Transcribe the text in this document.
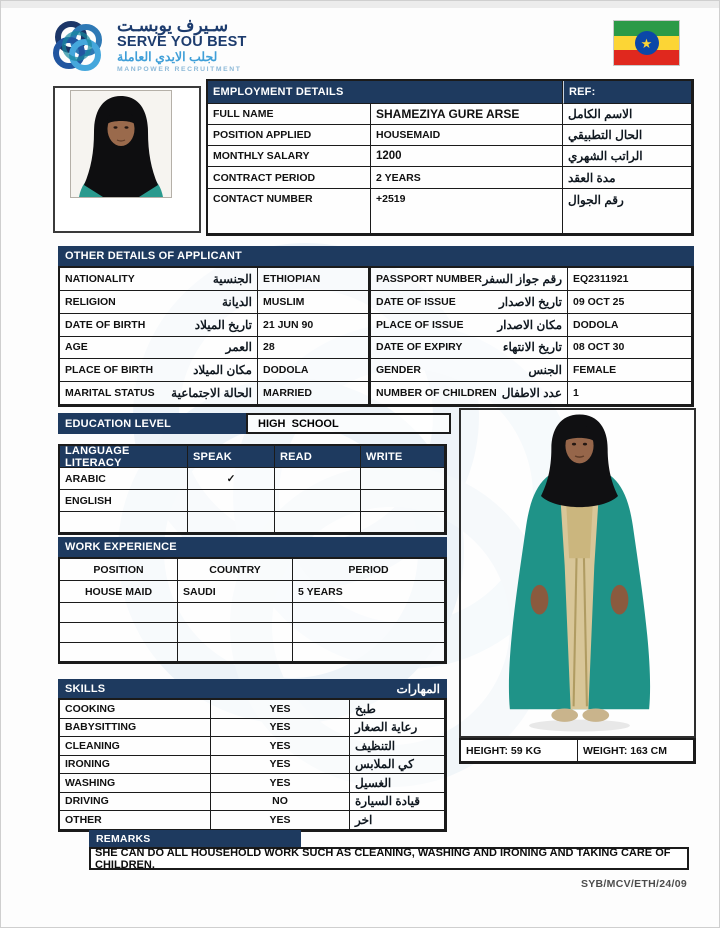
سـيرف يوبسـت
SERVE YOU BEST
لجلب الايدي العاملة
MANPOWER RECRUITMENT
★
EMPLOYMENT DETAILS	REF:
FULL NAME	SHAMEZIYA GURE ARSE	الاسم الكامل
POSITION APPLIED	HOUSEMAID	الحال التطبيقي
MONTHLY SALARY	1200	الراتب الشهري
CONTRACT PERIOD	2 YEARS	مدة العقد
CONTACT NUMBER	+2519	رقم الجوال
OTHER DETAILS OF APPLICANT
NATIONALITY	الجنسية	ETHIOPIAN
RELIGION	الديانة	MUSLIM
DATE OF BIRTH	تاريخ الميلاد	21 JUN 90
AGE	العمر	28
PLACE OF BIRTH	مكان الميلاد	DODOLA
MARITAL STATUS الحالة الاجتماعية	MARRIED
PASSPORT NUMBER رقم جواز السفر	EQ2311921
DATE OF ISSUE	تاريخ الاصدار	09 OCT 25
PLACE OF ISSUE	مكان الاصدار	DODOLA
DATE OF EXPIRY	تاريخ الانتهاء	08 OCT 30
GENDER	الجنس	FEMALE
NUMBER OF CHILDREN عدد الاطفال	1
EDUCATION LEVEL	HIGH  SCHOOL
LANGUAGE LITERACY	SPEAK	READ	WRITE
ARABIC	✓
ENGLISH
WORK EXPERIENCE
POSITION	COUNTRY	PERIOD
HOUSE MAID	SAUDI	5 YEARS
SKILLS	المهارات
COOKING	YES	طبخ
BABYSITTING	YES	رعاية الصغار
CLEANING	YES	التنظيف
IRONING	YES	كي الملابس
WASHING	YES	الغسيل
DRIVING	NO	قيادة السيارة
OTHER	YES	اخر
HEIGHT: 59 KG	WEIGHT: 163 CM
REMARKS
SHE CAN DO ALL HOUSEHOLD WORK SUCH AS CLEANING, WASHING AND IRONING AND TAKING CARE OF CHILDREN.
SYB/MCV/ETH/24/09
